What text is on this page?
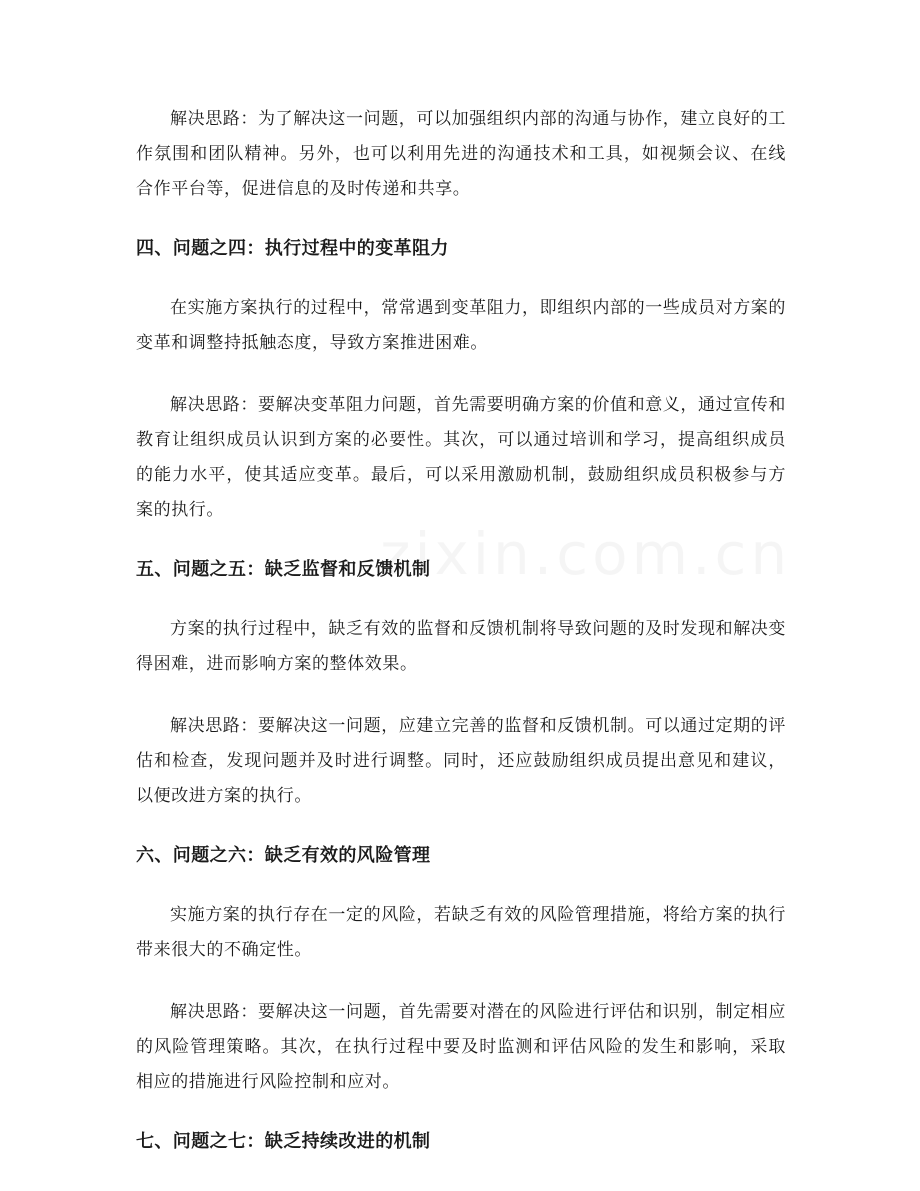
解决思路：为了解决这一问题，可以加强组织内部的沟通与协作，建立良好的工作氛围和团队精神。另外，也可以利用先进的沟通技术和工具，如视频会议、在线合作平台等，促进信息的及时传递和共享。

四、问题之四：执行过程中的变革阻力

在实施方案执行的过程中，常常遇到变革阻力，即组织内部的一些成员对方案的变革和调整持抵触态度，导致方案推进困难。

解决思路：要解决变革阻力问题，首先需要明确方案的价值和意义，通过宣传和教育让组织成员认识到方案的必要性。其次，可以通过培训和学习，提高组织成员的能力水平，使其适应变革。最后，可以采用激励机制，鼓励组织成员积极参与方案的执行。

五、问题之五：缺乏监督和反馈机制

方案的执行过程中，缺乏有效的监督和反馈机制将导致问题的及时发现和解决变得困难，进而影响方案的整体效果。

解决思路：要解决这一问题，应建立完善的监督和反馈机制。可以通过定期的评估和检查，发现问题并及时进行调整。同时，还应鼓励组织成员提出意见和建议，以便改进方案的执行。

六、问题之六：缺乏有效的风险管理

实施方案的执行存在一定的风险，若缺乏有效的风险管理措施，将给方案的执行带来很大的不确定性。

解决思路：要解决这一问题，首先需要对潜在的风险进行评估和识别，制定相应的风险管理策略。其次，在执行过程中要及时监测和评估风险的发生和影响，采取相应的措施进行风险控制和应对。

七、问题之七：缺乏持续改进的机制
